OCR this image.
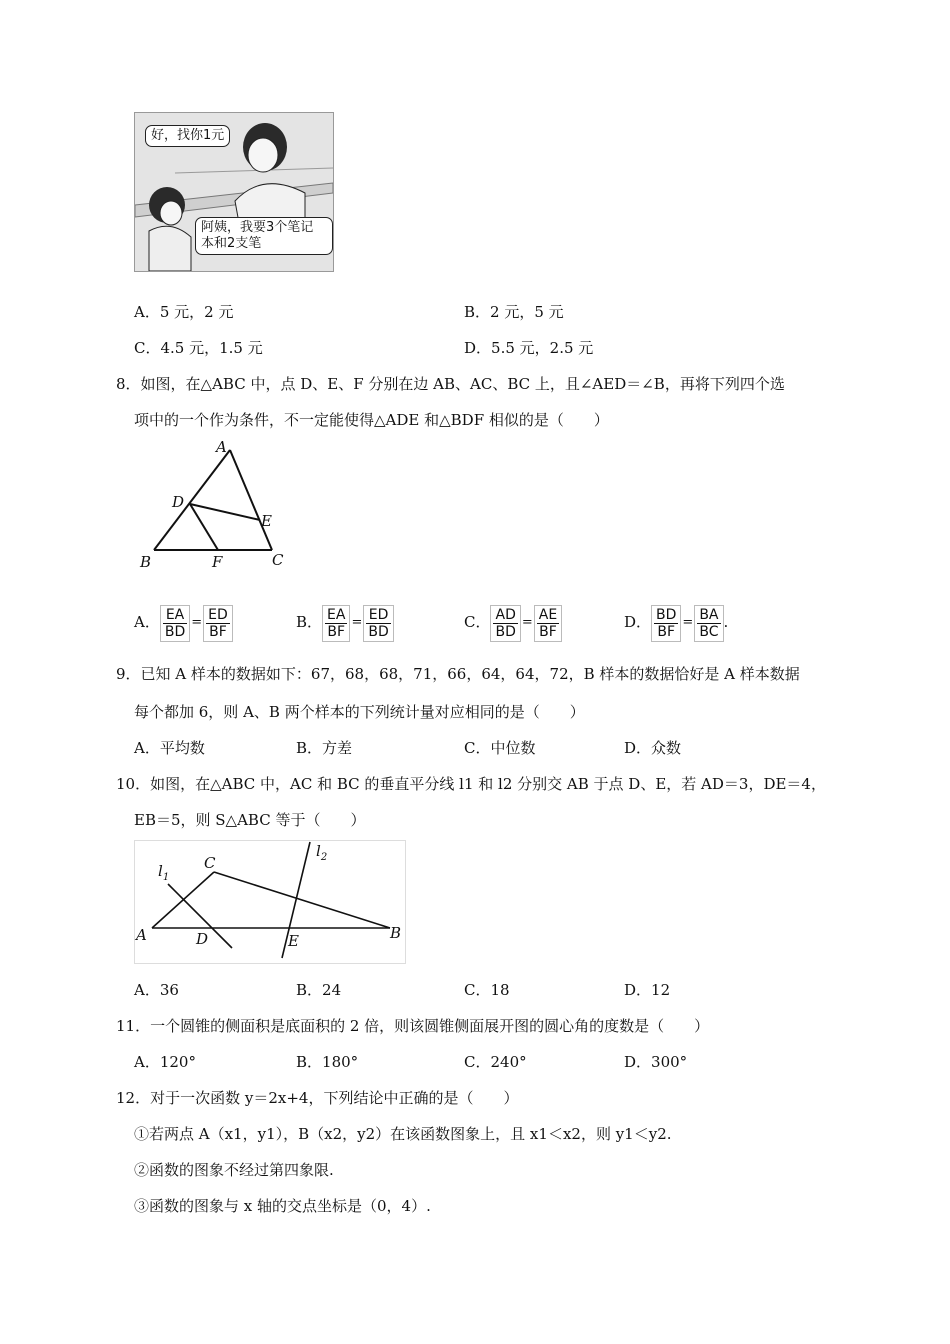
好，找你1元
阿姨，我要3个笔记
本和2支笔
A．5 元，2 元	B．2 元，5 元
C．4.5 元，1.5 元	D．5.5 元，2.5 元
8．如图，在△ABC 中，点 D、E、F 分别在边 AB、AC、BC 上，且∠AED＝∠B，再将下列四个选
项中的一个作为条件，不一定能使得△ADE 和△BDF 相似的是（　　）
A
D
E
B	F	C
A． $\frac{EA}{BD} = \frac{ED}{BF}$	B． $\frac{EA}{BF} = \frac{ED}{BD}$	C． $\frac{AD}{BD} = \frac{AE}{BF}$	D． $\frac{BD}{BF} = \frac{BA}{BC}$ .
9．已知 A 样本的数据如下：67，68，68，71，66，64，64，72，B 样本的数据恰好是 A 样本数据
每个都加 6，则 A、B 两个样本的下列统计量对应相同的是（　　）
A．平均数	B．方差	C．中位数	D．众数
10．如图，在△ABC 中，AC 和 BC 的垂直平分线 l1 和 l2 分别交 AB 于点 D、E，若 AD＝3，DE＝4，
EB＝5，则 S△ABC 等于（　　）
$l_1$
C
$l_2$
A	D	E	B
A．36	B．24	C．18	D．12
11．一个圆锥的侧面积是底面积的 2 倍，则该圆锥侧面展开图的圆心角的度数是（　　）
A．120°	B．180°	C．240°	D．300°
12．对于一次函数 y＝2x+4，下列结论中正确的是（　　）
①若两点 A（x1，y1），B（x2，y2）在该函数图象上，且 x1＜x2，则 y1＜y2.
②函数的图象不经过第四象限.
③函数的图象与 x 轴的交点坐标是（0，4）.
